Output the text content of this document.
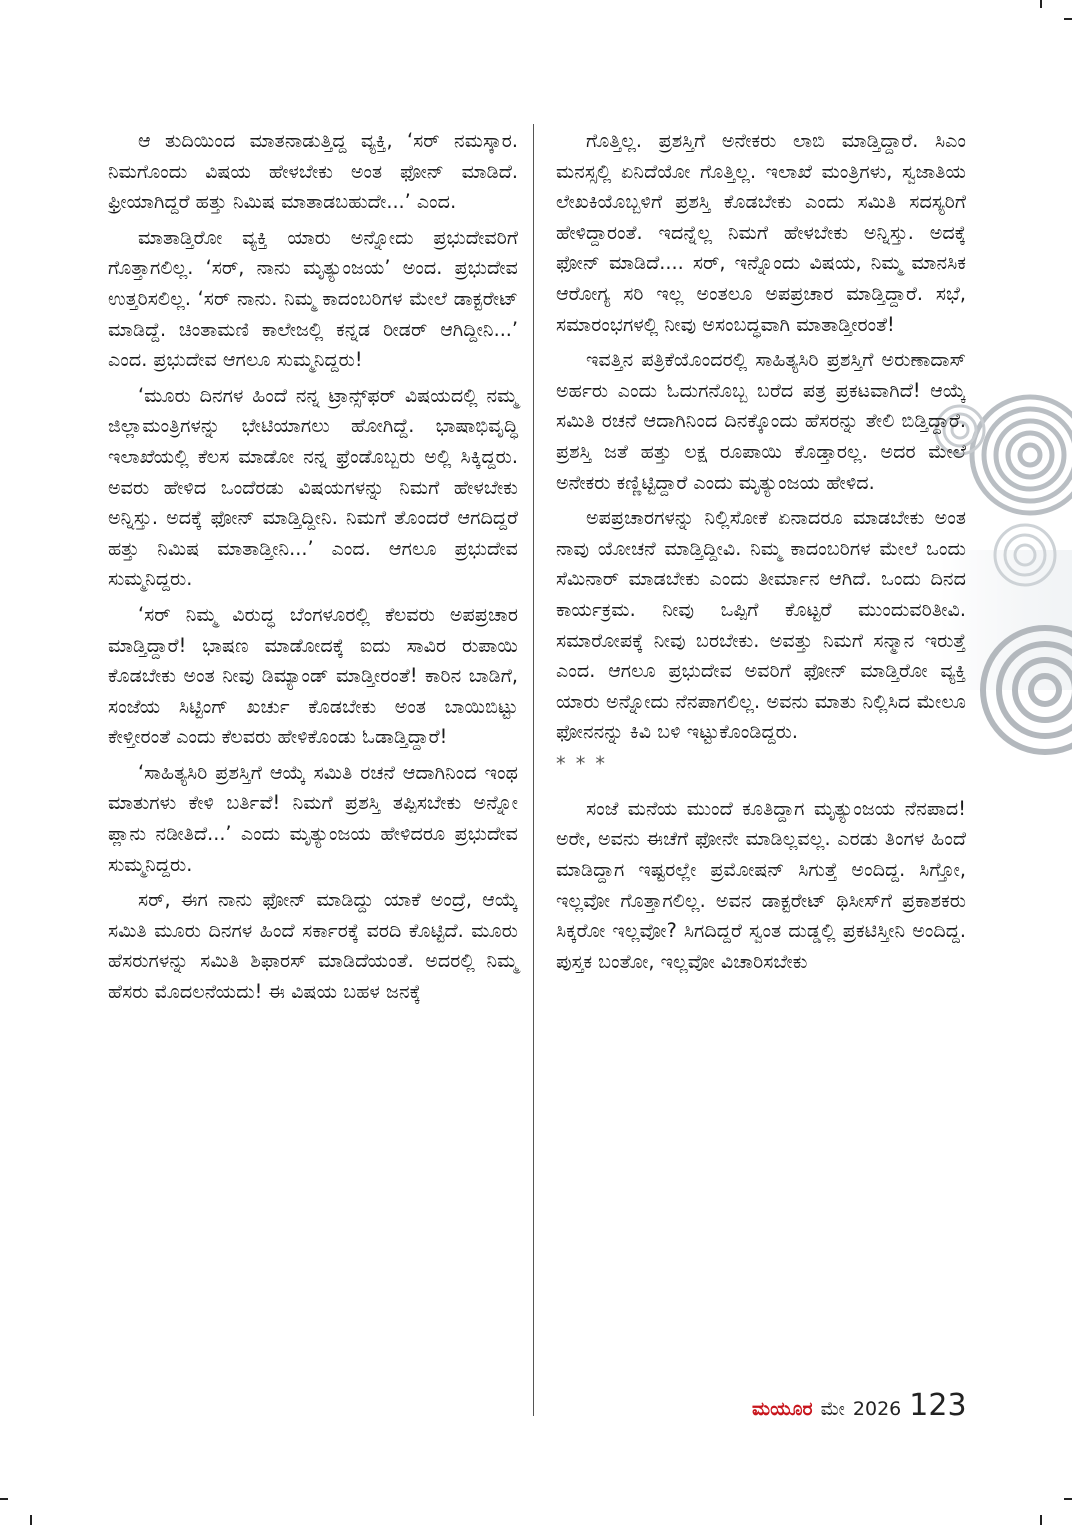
ಆ ತುದಿಯಿಂದ ಮಾತನಾಡುತ್ತಿದ್ದ ವ್ಯಕ್ತಿ, ‘ಸರ್ ನಮಸ್ಕಾರ. ನಿಮಗೊಂದು ವಿಷಯ ಹೇಳಬೇಕು ಅಂತ ಫೋನ್ ಮಾಡಿದೆ. ಫ್ರೀಯಾಗಿದ್ದರೆ ಹತ್ತು ನಿಮಿಷ ಮಾತಾಡಬಹುದೇ...’ ಎಂದ.

ಮಾತಾಡ್ತಿರೋ ವ್ಯಕ್ತಿ ಯಾರು ಅನ್ನೋದು ಪ್ರಭುದೇವರಿಗೆ ಗೊತ್ತಾಗಲಿಲ್ಲ. ‘ಸರ್, ನಾನು ಮೃತ್ಯುಂಜಯ’ ಅಂದ. ಪ್ರಭುದೇವ ಉತ್ತರಿಸಲಿಲ್ಲ. ‘ಸರ್ ನಾನು. ನಿಮ್ಮ ಕಾದಂಬರಿಗಳ ಮೇಲೆ ಡಾಕ್ಟರೇಟ್ ಮಾಡಿದ್ದೆ. ಚಿಂತಾಮಣಿ ಕಾಲೇಜಲ್ಲಿ ಕನ್ನಡ ರೀಡರ್ ಆಗಿದ್ದೀನಿ...’ ಎಂದ. ಪ್ರಭುದೇವ ಆಗಲೂ ಸುಮ್ಮನಿದ್ದರು!

‘ಮೂರು ದಿನಗಳ ಹಿಂದೆ ನನ್ನ ಟ್ರಾನ್ಸ್‌ಫರ್ ವಿಷಯದಲ್ಲಿ ನಮ್ಮ ಜಿಲ್ಲಾಮಂತ್ರಿಗಳನ್ನು ಭೇಟಿಯಾಗಲು ಹೋಗಿದ್ದೆ. ಭಾಷಾಭಿವೃದ್ಧಿ ಇಲಾಖೆಯಲ್ಲಿ ಕೆಲಸ ಮಾಡೋ ನನ್ನ ಫ್ರೆಂಡೊಬ್ಬರು ಅಲ್ಲಿ ಸಿಕ್ಕಿದ್ದರು. ಅವರು ಹೇಳಿದ ಒಂದೆರಡು ವಿಷಯಗಳನ್ನು ನಿಮಗೆ ಹೇಳಬೇಕು ಅನ್ನಿಸ್ತು. ಅದಕ್ಕೆ ಫೋನ್ ಮಾಡ್ತಿದ್ದೀನಿ. ನಿಮಗೆ ತೊಂದರೆ ಆಗದಿದ್ದರೆ ಹತ್ತು ನಿಮಿಷ ಮಾತಾಡ್ತೀನಿ...’ ಎಂದ. ಆಗಲೂ ಪ್ರಭುದೇವ ಸುಮ್ಮನಿದ್ದರು.

‘ಸರ್ ನಿಮ್ಮ ವಿರುದ್ಧ ಬೆಂಗಳೂರಲ್ಲಿ ಕೆಲವರು ಅಪಪ್ರಚಾರ ಮಾಡ್ತಿದ್ದಾರೆ! ಭಾಷಣ ಮಾಡೋದಕ್ಕೆ ಐದು ಸಾವಿರ ರುಪಾಯಿ ಕೊಡಬೇಕು ಅಂತ ನೀವು ಡಿಮ್ಯಾಂಡ್ ಮಾಡ್ತೀರಂತೆ! ಕಾರಿನ ಬಾಡಿಗೆ, ಸಂಜೆಯ ಸಿಟ್ಟಿಂಗ್ ಖರ್ಚು ಕೊಡಬೇಕು ಅಂತ ಬಾಯಿಬಿಟ್ಟು ಕೇಳ್ತೀರಂತೆ ಎಂದು ಕೆಲವರು ಹೇಳಿಕೊಂಡು ಓಡಾಡ್ತಿದ್ದಾರೆ!

‘ಸಾಹಿತ್ಯಸಿರಿ ಪ್ರಶಸ್ತಿಗೆ ಆಯ್ಕೆ ಸಮಿತಿ ರಚನೆ ಆದಾಗಿನಿಂದ ಇಂಥ ಮಾತುಗಳು ಕೇಳಿ ಬರ್ತಿವೆ! ನಿಮಗೆ ಪ್ರಶಸ್ತಿ ತಪ್ಪಿಸಬೇಕು ಅನ್ನೋ ಪ್ಲಾನು ನಡೀತಿದೆ...’ ಎಂದು ಮೃತ್ಯುಂಜಯ ಹೇಳಿದರೂ ಪ್ರಭುದೇವ ಸುಮ್ಮನಿದ್ದರು.

ಸರ್, ಈಗ ನಾನು ಫೋನ್ ಮಾಡಿದ್ದು ಯಾಕೆ ಅಂದ್ರೆ, ಆಯ್ಕೆ ಸಮಿತಿ ಮೂರು ದಿನಗಳ ಹಿಂದೆ ಸರ್ಕಾರಕ್ಕೆ ವರದಿ ಕೊಟ್ಟಿದೆ. ಮೂರು ಹೆಸರುಗಳನ್ನು ಸಮಿತಿ ಶಿಫಾರಸ್ ಮಾಡಿದೆಯಂತೆ. ಅದರಲ್ಲಿ ನಿಮ್ಮ ಹೆಸರು ಮೊದಲನೆಯದು! ಈ ವಿಷಯ ಬಹಳ ಜನಕ್ಕೆ

ಗೊತ್ತಿಲ್ಲ. ಪ್ರಶಸ್ತಿಗೆ ಅನೇಕರು ಲಾಬಿ ಮಾಡ್ತಿದ್ದಾರೆ. ಸಿಎಂ ಮನಸ್ಸಲ್ಲಿ ಏನಿದೆಯೋ ಗೊತ್ತಿಲ್ಲ. ಇಲಾಖೆ ಮಂತ್ರಿಗಳು, ಸ್ವಜಾತಿಯ ಲೇಖಕಿಯೊಬ್ಬಳಿಗೆ ಪ್ರಶಸ್ತಿ ಕೊಡಬೇಕು ಎಂದು ಸಮಿತಿ ಸದಸ್ಯರಿಗೆ ಹೇಳಿದ್ದಾರಂತೆ. ಇದನ್ನೆಲ್ಲ ನಿಮಗೆ ಹೇಳಬೇಕು ಅನ್ನಿಸ್ತು. ಅದಕ್ಕೆ ಫೋನ್ ಮಾಡಿದೆ.... ಸರ್, ಇನ್ನೊಂದು ವಿಷಯ, ನಿಮ್ಮ ಮಾನಸಿಕ ಆರೋಗ್ಯ ಸರಿ ಇಲ್ಲ ಅಂತಲೂ ಅಪಪ್ರಚಾರ ಮಾಡ್ತಿದ್ದಾರೆ. ಸಭೆ, ಸಮಾರಂಭಗಳಲ್ಲಿ ನೀವು ಅಸಂಬದ್ಧವಾಗಿ ಮಾತಾಡ್ತೀರಂತೆ!

ಇವತ್ತಿನ ಪತ್ರಿಕೆಯೊಂದರಲ್ಲಿ ಸಾಹಿತ್ಯಸಿರಿ ಪ್ರಶಸ್ತಿಗೆ ಅರುಣಾದಾಸ್ ಅರ್ಹರು ಎಂದು ಓದುಗನೊಬ್ಬ ಬರೆದ ಪತ್ರ ಪ್ರಕಟವಾಗಿದೆ! ಆಯ್ಕೆ ಸಮಿತಿ ರಚನೆ ಆದಾಗಿನಿಂದ ದಿನಕ್ಕೊಂದು ಹೆಸರನ್ನು ತೇಲಿ ಬಿಡ್ತಿದ್ದಾರೆ. ಪ್ರಶಸ್ತಿ ಜತೆ ಹತ್ತು ಲಕ್ಷ ರೂಪಾಯಿ ಕೊಡ್ತಾರಲ್ಲ. ಅದರ ಮೇಲೆ ಅನೇಕರು ಕಣ್ಣಿಟ್ಟಿದ್ದಾರೆ ಎಂದು ಮೃತ್ಯುಂಜಯ ಹೇಳಿದ.

ಅಪಪ್ರಚಾರಗಳನ್ನು ನಿಲ್ಲಿಸೋಕೆ ಏನಾದರೂ ಮಾಡಬೇಕು ಅಂತ ನಾವು ಯೋಚನೆ ಮಾಡ್ತಿದ್ದೀವಿ. ನಿಮ್ಮ ಕಾದಂಬರಿಗಳ ಮೇಲೆ ಒಂದು ಸೆಮಿನಾರ್ ಮಾಡಬೇಕು ಎಂದು ತೀರ್ಮಾನ ಆಗಿದೆ. ಒಂದು ದಿನದ ಕಾರ್ಯಕ್ರಮ. ನೀವು ಒಪ್ಪಿಗೆ ಕೊಟ್ಟರೆ ಮುಂದುವರಿತೀವಿ. ಸಮಾರೋಪಕ್ಕೆ ನೀವು ಬರಬೇಕು. ಅವತ್ತು ನಿಮಗೆ ಸನ್ಮಾನ ಇರುತ್ತೆ ಎಂದ. ಆಗಲೂ ಪ್ರಭುದೇವ ಅವರಿಗೆ ಫೋನ್ ಮಾಡ್ತಿರೋ ವ್ಯಕ್ತಿ ಯಾರು ಅನ್ನೋದು ನೆನಪಾಗಲಿಲ್ಲ. ಅವನು ಮಾತು ನಿಲ್ಲಿಸಿದ ಮೇಲೂ ಫೋನನನ್ನು ಕಿವಿ ಬಳಿ ಇಟ್ಟುಕೊಂಡಿದ್ದರು.

* * *

ಸಂಜೆ ಮನೆಯ ಮುಂದೆ ಕೂತಿದ್ದಾಗ ಮೃತ್ಯುಂಜಯ ನೆನಪಾದ! ಅರೇ, ಅವನು ಈಚೆಗೆ ಫೋನೇ ಮಾಡಿಲ್ಲವಲ್ಲ. ಎರಡು ತಿಂಗಳ ಹಿಂದೆ ಮಾಡಿದ್ದಾಗ ಇಷ್ಟರಲ್ಲೇ ಪ್ರಮೋಷನ್ ಸಿಗುತ್ತೆ ಅಂದಿದ್ದ. ಸಿಗ್ತೋ, ಇಲ್ಲವೋ ಗೊತ್ತಾಗಲಿಲ್ಲ. ಅವನ ಡಾಕ್ಟರೇಟ್ ಥಿಸೀಸ್‌ಗೆ ಪ್ರಕಾಶಕರು ಸಿಕ್ಕರೋ ಇಲ್ಲವೋ? ಸಿಗದಿದ್ದರೆ ಸ್ವಂತ ದುಡ್ಡಲ್ಲಿ ಪ್ರಕಟಿಸ್ತೀನಿ ಅಂದಿದ್ದ. ಪುಸ್ತಕ ಬಂತೋ, ಇಲ್ಲವೋ ವಿಚಾರಿಸಬೇಕು

ಮಯೂರ ಮೇ 2026 123
